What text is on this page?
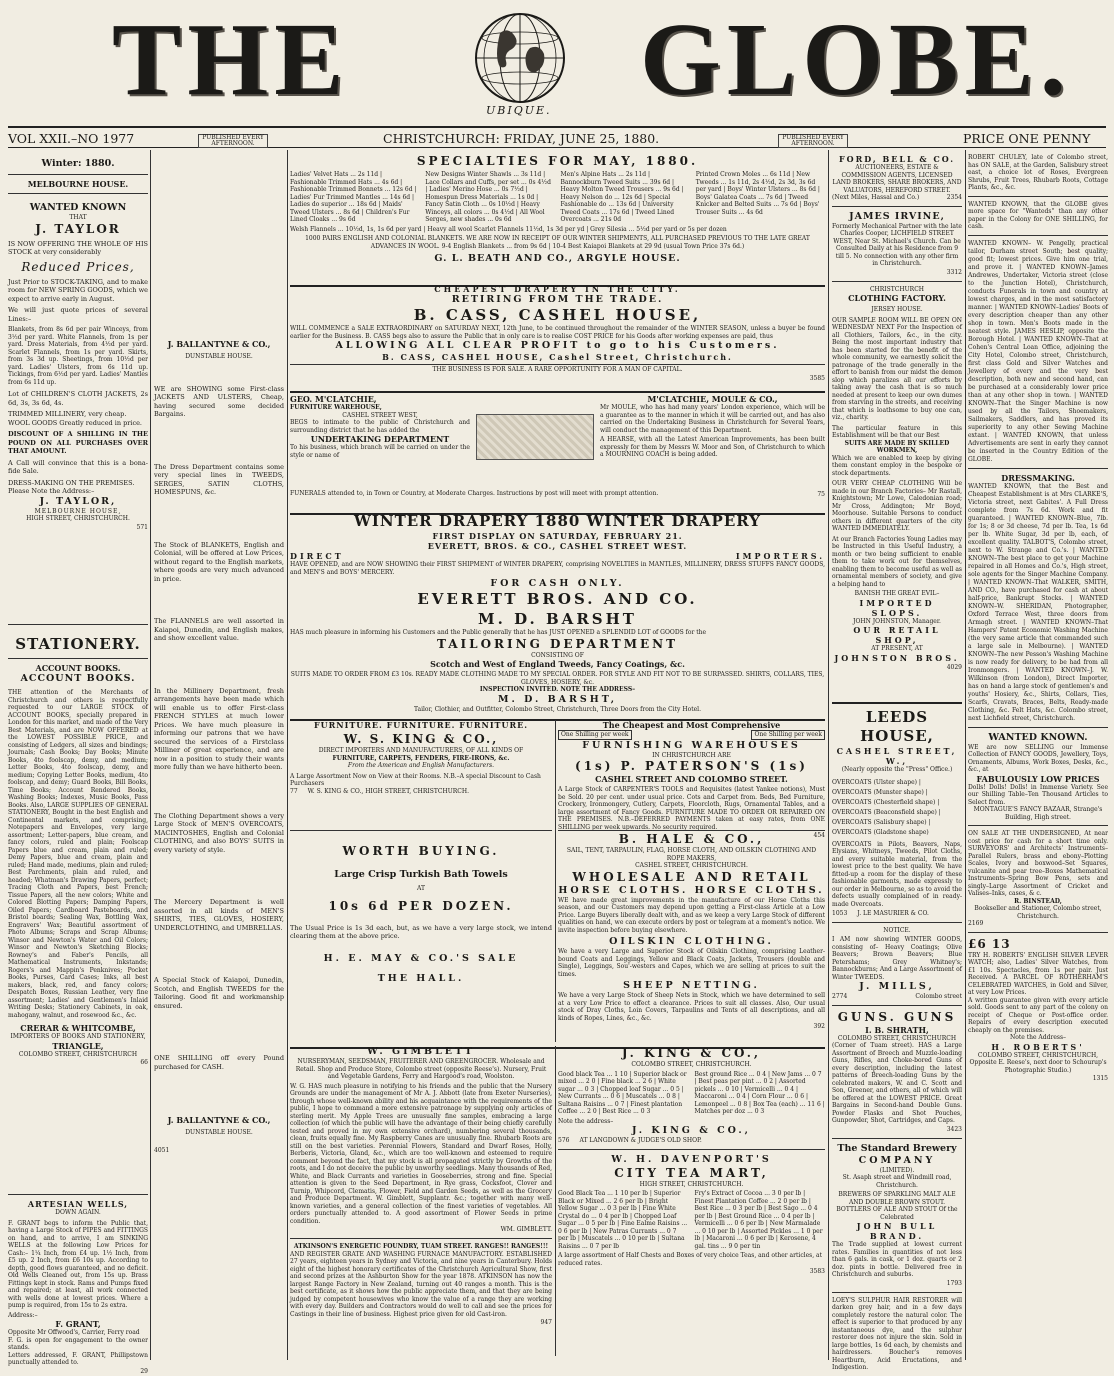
THE	UBIQUE. GLOBE.
VOL XXII.–NO 1977	PUBLISHED EVERY AFTERNOON.	CHRISTCHURCH: FRIDAY, JUNE 25, 1880.	PUBLISHED EVERY AFTERNOON.	PRICE ONE PENNY
Winter: 1880.
MELBOURNE HOUSE.
WANTED KNOWN
THAT
J. TAYLOR
IS NOW OFFERING THE WHOLE OF HIS STOCK at very considerably
Reduced Prices,
Just Prior to STOCK-TAKING, and to make room for NEW SPRING GOODS, which we expect to arrive early in August.
We will just quote prices of several Lines:–
Blankets, from 8s 6d per pair Winceys, from 3½d per yard. White Flannels, from 1s per yard. Dress Materials, from 4½d per yard. Scarlet Flannels, from 1s per yard. Skirts, from 3s 3d up. Sheetings, from 10½d per yard. Ladies' Ulsters, from 6s 11d up. Tickings, from 6½d per yard. Ladies' Mantles from 6s 11d up.
Lot of CHILDREN'S CLOTH JACKETS, 2s 6d, 3s, 3s 6d, 4s.
TRIMMED MILLINERY, very cheap.
WOOL GOODS Greatly reduced in price.
DISCOUNT OF A SHILLING IN THE POUND ON ALL PURCHASES OVER THAT AMOUNT.
A Call will convince that this is a bona-fide Sale.
DRESS-MAKING ON THE PREMISES.
Please Note the Address:–
J. TAYLOR,
MELBOURNE HOUSE,
HIGH STREET, CHRISTCHURCH.
571
STATIONERY.
ACCOUNT BOOKS.
ACCOUNT BOOKS.
THE attention of the Merchants of Christchurch and others is respectfully requested to our LARGE STOCK of ACCOUNT BOOKS, specially prepared in London for this market, and made of the Very Best Materials, and are NOW OFFERED at the LOWEST POSSIBLE PRICE, and consisting of Ledgers, all sizes and bindings; Journals; Cash Books; Day Books; Minute Books, 4to foolscap, demy, and medium; Letter Books, 4to foolscap, demy, and medium; Copying Letter Books, medium, 4to foolscap, and demy; Guard Books, Bill Books, Time Books; Account Rendered Books, Washing Books; Indexes, Music Books, Pass Books. Also, LARGE SUPPLIES OF GENERAL STATIONERY, Bought in the best English and Continental markets, and comprising, Notepapers and Envelopes, very large assortment; Letter-papers, blue cream, and fancy colors, ruled and plain; Foolscap Papers blue and cream, plain and ruled; Demy Papers, blue and cream, plain and ruled; Hand made, mediums, plain and ruled; Best Parchments, plain and ruled, and headed; Whatman's Drawing Papers, perfect; Tracing Cloth and Papers, best French; Tissue Papers, all the new colors; White and Colored Blotting Papers; Damping Papers, Oiled Papers; Cardboard Pasteboards, and Bristol boards; Sealing Wax, Bottling Wax, Engravers' Wax; Beautiful assortment of Photo Albums; Scraps and Scrap Albums; Winsor and Newton's Water and Oil Colors; Winsor and Newton's Sketching Blocks; Rowney's and Faber's Pencils, all Mathematical Instruments, Inkstands; Rogers's and Mappin's Penknives; Pocket Books, Purses, Card Cases; Inks, all best makers, black, red, and fancy colors; Despatch Boxes, Russian Leather, very fine assortment; Ladies' and Gentlemen's Inlaid Writing Desks; Stationery Cabinets, in oak, mahogany, walnut, and rosewood &c., &c.
CRERAR & WHITCOMBE,
IMPORTERS OF BOOKS AND STATIONERY,
TRIANGLE,
COLOMBO STREET, CHRISTCHURCH
66
ARTESIAN WELLS,
DOWN AGAIN.
F. GRANT begs to inform the Public that, having a Large Stock of PIPES and FITTINGS on hand, and to arrive, I am SINKING WELLS at the following Low Prices for Cash:– 1¼ Inch, from £4 up. 1½ Inch, from £5 up. 2 Inch, from £6 10s up. According to depth, good flows guaranteed, and no deficit. Old Wells Cleaned out, from 15s up. Brass Fittings kept in stock. Rams and Pumps fixed and repaired; at least, all work connected with wells done at lowest prices. Where a pump is required, from 15s to 2s extra.
Address:–
F. GRANT,
Opposite Mr Offwood's, Carrier, Ferry road
F. G. is open for engagement to the owner stands.
Letters addressed, F. GRANT, Phillipstown punctually attended to.
29
J. BALLANTYNE & CO.,
DUNSTABLE HOUSE.
WE are SHOWING some First-class JACKETS AND ULSTERS, Cheap, having secured some decided Bargains.
The Dress Department contains some very special lines in TWEEDS, SERGES, SATIN CLOTHS, HOMESPUNS, &c.
The Stock of BLANKETS, English and Colonial, will be offered at Low Prices, without regard to the English markets, where goods are very much advanced in price.
The FLANNELS are well assorted in Kaiapoi, Dunedin, and English makes, and show excellent value.
In the Millinery Department, fresh arrangements have been made which will enable us to offer First-class FRENCH STYLES at much lower Prices. We have much pleasure in informing our patrons that we have secured the services of a Firstclass Milliner of great experience, and are now in a position to study their wants more fully than we have hitherto been.
The Clothing Department shows a very Large Stock of MEN'S OVERCOATS, MACINTOSHES, English and Colonial CLOTHING, and also BOYS' SUITS in every variety of style.
The Mercery Department is well assorted in all kinds of MEN'S SHIRTS, TIES, GLOVES, HOSIERY, UNDERCLOTHING, and UMBRELLAS.
A Special Stock of Kaiapoi, Dunedin, Scotch, and English TWEEDS for the Tailoring. Good fit and workmanship ensured.
ONE SHILLING off every Pound purchased for CASH.
J. BALLANTYNE & CO.,
DUNSTABLE HOUSE.
4051
SPECIALTIES FOR MAY, 1880.
Ladies' Velvet Hats ... 2s 11d | Fashionable Trimmed Hats ... 4s 6d | Fashionable Trimmed Bonnets ... 12s 6d | Ladies' Fur Trimmed Mantles ... 14s 6d | Ladies do superior ... 18s 6d | Maids' Tweed Ulsters ... 8s 6d | Children's Fur Lined Cloaks ... 9s 6d
New Designs Winter Shawls ... 3s 11d | Lace Collars and Cuffs, per set ... 0s 4½d | Ladies' Merino Hose ... 0s 7½d | Homespun Dress Materials ... 1s 0d | Fancy Satin Cloth ... 0s 10½d | Heavy Winceys, all colors ... 0s 4½d | All Wool Serges, new shades ... 0s 6d
Men's Alpine Hats ... 2s 11d | Bannockburn Tweed Suits ... 39s 6d | Heavy Molton Tweed Trousers ... 9s 6d | Heavy Nelson do ... 12s 6d | Special Fashionable do ... 13s 6d | University Tweed Coats ... 17s 6d | Tweed Lined Overcoats ... 21s 0d
Printed Crown Moles ... 6s 11d | New Tweeds ... 1s 11d, 2s 4½d, 2s 3d, 3s 6d per yard | Boys' Winter Ulsters ... 8s 6d | Boys' Galatea Coats ... 7s 6d | Tweed Knicker and Belted Suits ... 7s 6d | Boys' Trouser Suits ... 4s 6d
Welsh Flannels ... 10½d, 1s, 1s 6d per yard | Heavy all wool Scarlet Flannels 11½d, 1s 3d per yd | Grey Silesia ... 5½d per yard or 5s per dozen
1000 PAIRS ENGLISH AND COLONIAL BLANKETS. WE ARE NOW IN RECEIPT OF OUR WINTER SHIPMENTS, ALL PURCHASED PREVIOUS TO THE LATE GREAT ADVANCES IN WOOL. 9-4 English Blankets ... from 9s 6d | 10-4 Best Kaiapoi Blankets at 29 9d (usual Town Price 37s 6d.)
G. L. BEATH AND CO., ARGYLE HOUSE.
CHEAPEST DRAPERY IN THE CITY.
RETIRING FROM THE TRADE.
B. CASS, CASHEL HOUSE,
WILL COMMENCE a SALE EXTRAORDINARY on SATURDAY NEXT, 12th June, to be continued throughout the remainder of the WINTER SEASON, unless a buyer be found earlier for the Business. B. CASS begs also to assure the Public that in only care is to realise COST PRICE for his Goods after working expenses are paid, thus
ALLOWING ALL CLEAR PROFIT to go to his Customers.
B. CASS, CASHEL HOUSE, Cashel Street, Christchurch.
THE BUSINESS IS FOR SALE. A RARE OPPORTUNITY FOR A MAN OF CAPITAL.
3585
GEO. M'CLATCHIE,
FURNITURE WAREHOUSE,
CASHEL STREET WEST,
BEGS to intimate to the public of Christchurch and surrounding district that he has added the
UNDERTAKING DEPARTMENT
To his business, which branch will be carried on under the style or name of
M'CLATCHIE, MOULE & CO.,
Mr MOULE, who has had many years' London experience, which will be a guarantee as to the manner in which it will be carried out, and has also carried on the Undertaking Business in Christchurch for Several Years, will conduct the management of this Department.
A HEARSE, with all the Latest American Improvements, has been built expressly for them by Messrs W. Moor and Son, of Christchurch to which a MOURNING COACH is being added.
FUNERALS attended to, in Town or Country, at Moderate Charges. Instructions by post will meet with prompt attention.	75
WINTER DRAPERY 1880 WINTER DRAPERY
FIRST DISPLAY ON SATURDAY, FEBRUARY 21.
EVERETT, BROS. & CO., CASHEL STREET WEST.
DIRECT	IMPORTERS.
HAVE OPENED, and are NOW SHOWING their FIRST SHIPMENT of WINTER DRAPERY, comprising NOVELTIES in MANTLES, MILLINERY, DRESS STUFFS FANCY GOODS, and MEN'S and BOYS' MERCERY.
FOR CASH ONLY.
EVERETT BROS. AND CO.
M. D. BARSHT
HAS much pleasure in informing his Customers and the Public generally that he has JUST OPENED a SPLENDID LOT of GOODS for the
TAILORING DEPARTMENT
CONSISTING OF
Scotch and West of England Tweeds, Fancy Coatings, &c.
SUITS MADE TO ORDER FROM £3 10s. READY MADE CLOTHING MADE TO MY SPECIAL ORDER. FOR STYLE AND FIT NOT TO BE SURPASSED. SHIRTS, COLLARS, TIES, GLOVES, HOSIERY, &c.
INSPECTION INVITED. NOTE THE ADDRESS–
M. D. BARSHT,
Tailor, Clothier, and Outfitter, Colombo Street, Christchurch, Three Doors from the City Hotel.
FURNITURE. FURNITURE. FURNITURE.
W. S. KING & CO.,
DIRECT IMPORTERS AND MANUFACTURERS, OF ALL KINDS OF
FURNITURE, CARPETS, FENDERS, FIRE-IRONS, &c.
From the American and English Manufacturers.
A Large Assortment Now on View at their Rooms. N.B.–A special Discount to Cash Purchasers
77 W. S. KING & CO., HIGH STREET, CHRISTCHURCH.
WORTH BUYING.
Large Crisp Turkish Bath Towels
AT
10s 6d PER DOZEN.
The Usual Price is 1s 3d each, but, as we have a very large stock, we intend clearing them at the above price.
H. E. MAY & CO.'S SALE
THE HALL.
The Cheapest and Most Comprehensive
One Shilling per week	One Shilling per week
FURNISHING WAREHOUSES
IN CHRISTCHURCH ARE
(1s) P. PATERSON'S (1s)
CASHEL STREET AND COLOMBO STREET.
A Large Stock of CARPENTER'S TOOLS and Requisites (latest Yankee notions), Must be Sold. 20 per cent. under usual price. Cots and Carpet from. Beds, Bed Furniture, Crockery, Ironmongery, Cutlery, Carpets, Floorcloth, Rugs, Ornamental Tables, and a large assortment of Fancy Goods. FURNITURE MADE TO ORDER OR REPAIRED ON THE PREMISES. N.B.–DEFERRED PAYMENTS taken at easy rates, from ONE SHILLING per week upwards. No security required.
454
B. HALE & CO.,
SAIL, TENT, TARPAULIN, FLAG, HORSE CLOTH, AND OILSKIN CLOTHING AND ROPE MAKERS,
CASHEL STREET, CHRISTCHURCH.
WHOLESALE AND RETAIL
HORSE CLOTHS. HORSE CLOTHS.
WE have made great improvements in the manufacture of our Horse Cloths this season, and our Customers may depend upon getting a First-class Article at a Low Price. Large Buyers liberally dealt with, and as we keep a very Large Stock of different qualities on hand, we can execute orders by post or telegram at a moment's notice. We invite inspection before buying elsewhere.
OILSKIN CLOTHING.
We have a very Large and Superior Stock of Oilskin Clothing, comprising Leather-bound Coats and Leggings, Yellow and Black Coats, Jackets, Trousers (double and Single), Leggings, Sou'-westers and Capes, which we are selling at prices to suit the times.
SHEEP NETTING.
We have a very Large Stock of Sheep Nets in Stock, which we have determined to sell at a very Low Price to effect a clearance. Prices to suit all classes. Also, Our usual stock of Dray Cloths, Loin Covers, Tarpaulins and Tents of all descriptions, and all kinds of Ropes, Lines, &c., &c.
392
W. GIMBLETT
NURSERYMAN, SEEDSMAN, FRUITERER AND GREENGROCER. Wholesale and Retail. Shop and Produce Store, Colombo street (opposite Reese's). Nursery, Fruit and Vegetable Gardens, Ferry and Hargood's road, Woolston.
W. G. HAS much pleasure in notifying to his friends and the public that the Nursery Grounds are under the management of Mr A. J. Abbott (late from Exeter Nurseries), through whose well-known ability and his acquaintance with the requirements of the public, I hope to command a more extensive patronage by supplying only articles of sterling merit. My Apple Trees are unusually fine samples, embracing a large collection (of which the public will have the advantage of their being chiefly carefully tested and proved in my own extensive orchard), numbering several thousands, clean, fruits equally fine. My Raspberry Canes are unusually fine. Rhubarb Roots are still on the best varieties. Perennial Flowers, Standard and Dwarf Roses, Holly, Berberis, Victoria, Gland, &c., which are too well-known and esteemed to require comment beyond the fact, that my stock is all propagated strictly by Growths of the roots, and I do not deceive the public by unworthy seedlings. Many thousands of Red, White, and Black Currants and varieties in Gooseberries, strong and fine. Special attention is given to the Seed Department, in Rye grass, Cocksfoot, Clover and Turnip, Whipcord, Clematis, Flower, Field and Garden Seeds, as well as the Grocery and Produce Department. W. Gimblett, Supplantr. &c.; together with many well-known varieties, and a general collection of the finest varieties of vegetables. All orders punctually attended to. A good assortment of Flower Seeds in prime condition.
WM. GIMBLETT.
ATKINSON'S ENERGETIC FOUNDRY, TUAM STREET. RANGES!! RANGES!!!
AND REGISTER GRATE AND WASHING FURNACE MANUFACTORY. ESTABLISHED 27 years, eighteen years in Sydney and Victoria, and nine years in Canterbury. Holds eight of the highest honorary certificates of the Christchurch Agricultural Show, first and second prizes at the Ashburton Show for the year 1878. ATKINSON has now the largest Range Factory in New Zealand, turning out 40 ranges a month. This is the best certificate, as it shows how the public appreciate them, and that they are being judged by competent housewives who know the value of a range they are working with every day. Builders and Contractors would do well to call and see the prices for Castings in their line of business. Highest price given for old Cast-iron.
947
J. KING & CO.,
COLOMBO STREET, CHRISTCHURCH.
Good black Tea ... 1 10 | Superior black or mixed ... 2 0 | Fine black ... 2 6 | White sugar ... 0 3 | Chopped loaf Sugar ... 0 5 | New Currants ... 0 6 | Muscatels ... 0 8 | Sultana Raisins ... 0 7 | Finest plantation Coffee ... 2 0 | Best Rice ... 0 3
Best ground Rice ... 0 4 | New Jams ... 0 7 | Best peas per pint ... 0 2 | Assorted pickels ... 0 10 | Vermicelli ... 0 4 | Maccaroni ... 0 4 | Corn Flour ... 0 6 | Lemonpeel ... 0 8 | Box Tea (each) ... 11 6 | Matches per doz ... 0 3
Note the address–
J. KING & CO.,
576 AT LANGDOWN & JUDGE'S OLD SHOP.
W. H. DAVENPORT'S
CITY TEA MART,
HIGH STREET, CHRISTCHURCH.
Good Black Tea ... 1 10 per lb | Superior Black or Mixed ... 2 6 per lb | Bright Yellow Sugar ... 0 3 per lb | Fine White Crystal do ... 0 4 per lb | Chopped Loaf Sugar ... 0 5 per lb | Fine Ealme Raisins ... 0 6 per lb | New Patras Currants ... 0 7 per lb | Muscatels ... 0 10 per lb | Sultana Raisins ... 0 7 per lb
Fry's Extract of Cocoa ... 3 0 per lb | Finest Plantation Coffee ... 2 0 per lb | Best Rice ... 0 3 per lb | Best Sago ... 0 4 per lb | Best Ground Rice ... 0 4 per lb | Vermicelli ... 0 6 per lb | New Marmalade ... 0 10 per lb | Assorted Pickles ... 1 0 per lb | Macaroni ... 0 6 per lb | Kerosene, 4 gal. tins ... 9 0 per tin
A large assortment of Half Chests and Boxes of very choice Teas, and other articles, at reduced rates.
3583
FORD, BELL & CO.
AUCTIONEERS, ESTATE & COMMISSION AGENTS, LICENSED LAND BROKERS, SHARE BROKERS, AND VALUATORS, HEREFORD STREET.
(Next Miles, Hassal and Co.)	2354
JAMES IRVINE,
Formerly Mechanical Partner with the late Charles Cooper, LICHFIELD STREET WEST, Near St. Michael's Church. Can be Consulted Daily at his Residence from 9 till 5. No connection with any other firm in Christchurch.
3312
CHRISTCHURCH
CLOTHING FACTORY.
JERSEY HOUSE.
OUR SAMPLE ROOM WILL BE OPEN ON WEDNESDAY NEXT For the Inspection of all Clothiers, Tailors, &c., in the city. Being the most important industry that has been started for the benefit of the whole community, we earnestly solicit the patronage of the trade generally in the effort to banish from our midst the demon slop which paralizes all our efforts by taking away the cash that is so much needed at present to keep our own dumes from starving in the streets, and receiving that which is loathsome to buy one can, viz., charity.
The particular feature in this Establishment will be that our Best
SUITS ARE MADE BY SKILLED WORKMEN,
Which we are enabled to keep by giving them constant employ in the bespoke or stock departments.
OUR VERY CHEAP CLOTHING Will be made in our Branch Factories– Mr Rastall, Knightstown; Mr Lowe, Caledonian road; Mr Cross, Addington; Mr Boyd, Moorhouse. Suitable Persons to conduct others in different quarters of the city WANTED IMMEDIATELY.
At our Branch Factories Young Ladies may be Instructed in this Useful Industry, a month or two being sufficient to enable them to take work out for themselves, enabling them to become useful as well as ornamental members of society, and give a helping hand to
BANISH THE GREAT EVIL–
IMPORTED SLOPS.
JOHN JOHNSTON, Manager.
OUR RETAIL SHOP,
AT PRESENT, AT
JOHNSTON BROS.
4029
LEEDS HOUSE,
CASHEL STREET, W.,
(Nearly opposite the "Press" Office.)
OVERCOATS (Ulster shape) | OVERCOATS (Munster shape) | OVERCOATS (Chesterfield shape) | OVERCOATS (Beaconsfield shape) | OVERCOATS (Salisbury shape) | OVERCOATS (Gladstone shape)
OVERCOATS in Pilots, Beavers, Naps, Elysians, Whitneys, Tweeds, Pilot Cloths, and every suitable material, from the lowest price to the best quality. We have fitted-up a room for the display of these fashionable garments, made expressly to our order in Melbourne, so as to avoid the defects usually complained of in ready-made Overcoats.
1053 J. LE MASURIER & CO.
NOTICE.
I AM now showing WINTER GOODS, consisting of– Heavy Coatings; Olive Beavers; Brown Beavers; Blue Petershams; Grey Whitney's; Bannockburns; And a Large Assortment of Winter TWEEDS.
J. MILLS,
2774	Colombo street
GUNS. GUNS
I. B. SHRATH,
COLOMBO STREET, CHRISTCHURCH
(Corner of Tuam street). HAS a Large Assortment of Breech and Muzzle-loading Guns, Rifles, and Choke-bored Guns of every description, including the latest patterns of Breech-loading Guns by the celebrated makers, W. and C. Scott and Son, Greener, and others, all of which will be offered at the LOWEST PRICE. Great Bargains in Second-hand Double Guns. Powder Flasks and Shot Pouches, Gunpowder, Shot, Cartridges, and Caps.
3423
The Standard Brewery
COMPANY
(LIMITED).
St. Asaph street and Windmill road, Christchurch.
BREWERS OF SPARKLING MALT ALE AND DOUBLE BROWN STOUT. BOTTLERS OF ALE AND STOUT Of the Celebrated
JOHN BULL BRAND.
The Trade supplied at lowest current rates. Families in quantities of not less than 6 gals. in cask, or 1 doz. quarts or 2 doz. pints in bottle. Delivered free in Christchurch and suburbs.
1793
LOEY'S SULPHUR HAIR RESTORER will darken grey hair, and in a few days completely restore the natural color. The effect is superior to that produced by any instantaneous dye, and the sulphur restorer does not injure the skin. Sold in large bottles, 1s 6d each, by chemists and hairdressers. Boucher's removes Heartburn, Acid Eructations, and Indigestion.
ROBERT CHULEY, late of Colombo street, has ON SALE, at the Garden, Salisbury street east, a choice lot of Roses, Evergreen Shrubs, Fruit Trees, Rhubarb Roots, Cottage Plants, &c., &c.
WANTED KNOWN, that the GLOBE gives more space for "Wanteds" than any other paper in the Colony for ONE SHILLING, for cash.
WANTED KNOWN– W. Pengelly, practical tailor, Durham street South; best quality; good fit; lowest prices. Give him one trial, and prove it. | WANTED KNOWN–James Andrewes, Undertaker, Victoria street (close to the Junction Hotel), Christchurch, conducts Funerals in town and country at lowest charges, and in the most satisfactory manner. | WANTED KNOWN–Ladies' Boots of every description cheaper than any other shop in town. Men's Boots made in the neatest style. JAMES HESLIP, opposite the Borough Hotel. | WANTED KNOWN–That at Cohen's Central Loan Office, adjoining the City Hotel, Colombo street, Christchurch, first class Gold and Silver Watches and Jewellery of every and the very best description, both new and second hand, can be purchased at a considerably lower price than at any other shop in town. | WANTED KNOWN–That the Singer Machine is now used by all the Tailors, Shoemakers, Sailmakers, Saddlers, and has proved its superiority to any other Sewing Machine extant. | WANTED KNOWN, that unless Advertisements are sent in early they cannot be inserted in the Country Edition of the GLOBE.
DRESSMAKING.
WANTED KNOWN, that the Best and Cheapest Establishment is at Mrs CLARKE'S, Victoria street, next Gabites'. A Full Dress complete from 7s 6d. Work and fit guaranteed. | WANTED KNOWN–Blue, 7lb. for 1s; 8 or 3d cheese, 7d per lb. Tea, 1s 6d per lb. White Sugar, 3d per lb, each, of excellent quality. TALBOT'S, Colombo street, next to W. Strange and Co.'s. | WANTED KNOWN–The best place to get your Machine repaired in all Homes and Co.'s, High street, sole agents for the Singer Machine Company. | WANTED KNOWN–That WALKER, SMITH, AND CO., have purchased for cash at about half-price, Bankrupt Stocks. | WANTED KNOWN–W. SHERIDAN, Photographer, Oxford Terrace West, three doors from Armagh street. | WANTED KNOWN–That Hampers' Patent Economic Washing Machine (the very same article that commanded such a large sale in Melbourne). | WANTED KNOWN–The new Pesson's Washing Machine is now ready for delivery, to be had from all Ironmongers. | WANTED KNOWN–J. W. Wilkinson (from London), Direct Importer, has on hand a large stock of gentlemen's and youths' Hosiery, &c., Shirts, Collars, Ties, Scarfs, Cravats, Braces, Belts, Ready-made Clothing, &c. Felt Hats, &c. Colombo street, next Lichfield street, Christchurch.
WANTED KNOWN.
WE are now SELLING our Immense Collection of FANCY GOODS, Jewellery, Toys, Ornaments, Albums, Work Boxes, Desks, &c., &c., at
FABULOUSLY LOW PRICES
Dolls! Dolls! Dolls! in Immense Variety. See our Shilling Table–Ten Thousand Articles to Select from.
MONTAGUE'S FANCY BAZAAR, Strange's Building, High street.
ON SALE AT THE UNDERSIGNED, At near cost price for cash for a short time only. SURVEYORS' and Architects' Instruments–Parallel Rulers, brass and ebony–Plotting Scales, Ivory and boxwood–Set Squares, vulcanite and pear tree–Boxes Mathematical Instruments–Spring Bow Pens, sets and singly–Large Assortment of Cricket and Valises–Inks, cases, & c.
R. BINSTEAD,
Bookseller and Stationer, Colombo street, Christchurch.
2169
£6 13
TRY H. ROBERTS' ENGLISH SILVER LEVER WATCH; also, Ladies' Silver Watches, from £1 10s. Spectacles, from 1s per pair. Just Received. A PARCEL OF ROTHERHAM'S CELEBRATED WATCHES, in Gold and Silver, at very Low Prices.
A written guarantee given with every article sold. Goods sent to any part of the colony on receipt of Cheque or Post-office order. Repairs of every description executed cheaply on the premises.
Note the Address–
H. ROBERTS'
COLOMBO STREET, CHRISTCHURCH, Opposite E. Reese's, next door to Schourup's Photographic Studio.)
1315
